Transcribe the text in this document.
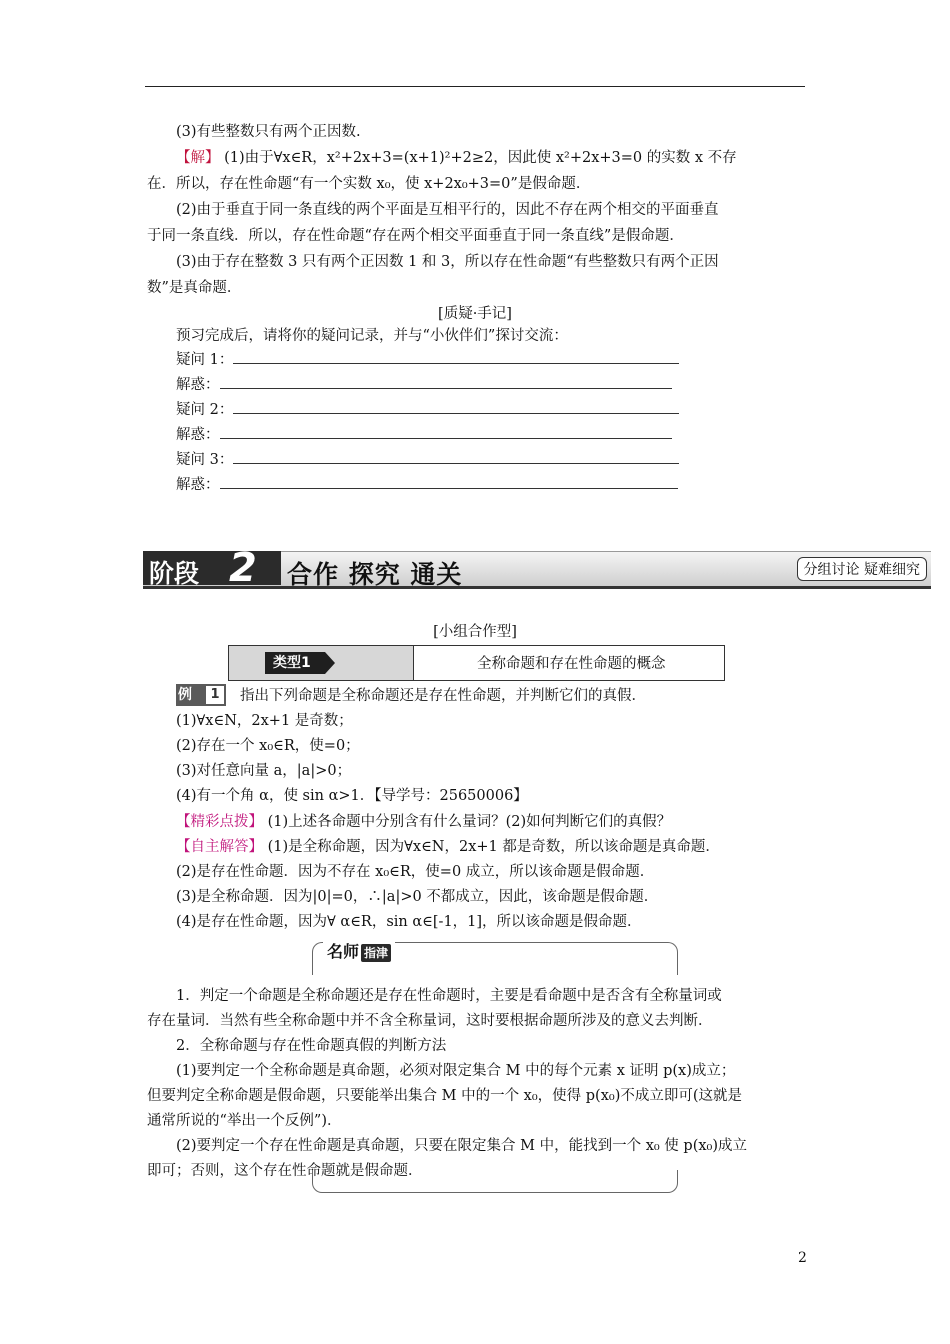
(3)有些整数只有两个正因数.
【解】 (1)由于∀x∈R，x²+2x+3=(x+1)²+2≥2，因此使 x²+2x+3=0 的实数 x 不存
在．所以，存在性命题“有一个实数 x₀，使 x+2x₀+3=0”是假命题．
(2)由于垂直于同一条直线的两个平面是互相平行的，因此不存在两个相交的平面垂直
于同一条直线．所以，存在性命题“存在两个相交平面垂直于同一条直线”是假命题．
(3)由于存在整数 3 只有两个正因数 1 和 3，所以存在性命题“有些整数只有两个正因
数”是真命题．
[质疑·手记]
预习完成后，请将你的疑问记录，并与“小伙伴们”探讨交流：
疑问 1：
解惑：
疑问 2：
解惑：
疑问 3：
解惑：
阶段 2 合作 探究 通关	分组讨论 疑难细究
[小组合作型]
类型1	全称命题和存在性命题的概念
例	1	指出下列命题是全称命题还是存在性命题，并判断它们的真假．
(1)∀x∈N，2x+1 是奇数；
(2)存在一个 x₀∈R，使=0；
(3)对任意向量 a，|a|>0；
(4)有一个角 α，使 sin α>1．【导学号：25650006】
【精彩点拨】 (1)上述各命题中分别含有什么量词？(2)如何判断它们的真假？
【自主解答】 (1)是全称命题，因为∀x∈N，2x+1 都是奇数，所以该命题是真命题．
(2)是存在性命题．因为不存在 x₀∈R，使=0 成立，所以该命题是假命题．
(3)是全称命题．因为|0|=0，∴|a|>0 不都成立，因此，该命题是假命题．
(4)是存在性命题，因为∀ α∈R，sin α∈[-1，1]，所以该命题是假命题．
名师 指津
1．判定一个命题是全称命题还是存在性命题时，主要是看命题中是否含有全称量词或
存在量词．当然有些全称命题中并不含全称量词，这时要根据命题所涉及的意义去判断．
2．全称命题与存在性命题真假的判断方法
(1)要判定一个全称命题是真命题，必须对限定集合 M 中的每个元素 x 证明 p(x)成立；
但要判定全称命题是假命题，只要能举出集合 M 中的一个 x₀，使得 p(x₀)不成立即可(这就是
通常所说的“举出一个反例”)．
(2)要判定一个存在性命题是真命题，只要在限定集合 M 中，能找到一个 x₀ 使 p(x₀)成立
即可；否则，这个存在性命题就是假命题．
2
